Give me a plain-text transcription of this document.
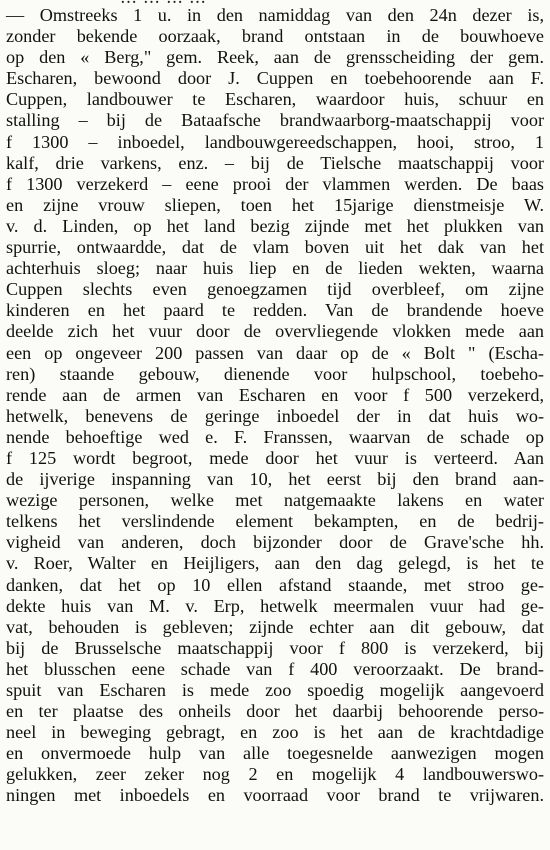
— Omstreeks 1 u. in den namiddag van den 24n dezer is,
zonder bekende oorzaak, brand ontstaan in de bouwhoeve
op den « Berg," gem. Reek, aan de grensscheiding der gem.
Escharen, bewoond door J. Cuppen en toebehoorende aan F.
Cuppen, landbouwer te Escharen, waardoor huis, schuur en
stalling – bij de Bataafsche brandwaarborg-maatschappij voor
f 1300 – inboedel, landbouwgereedschappen, hooi, stroo, 1
kalf, drie varkens, enz. – bij de Tielsche maatschappij voor
f 1300 verzekerd – eene prooi der vlammen werden. De baas
en zijne vrouw sliepen, toen het 15jarige dienstmeisje W.
v. d. Linden, op het land bezig zijnde met het plukken van
spurrie, ontwaardde, dat de vlam boven uit het dak van het
achterhuis sloeg; naar huis liep en de lieden wekten, waarna
Cuppen slechts even genoegzamen tijd overbleef, om zijne
kinderen en het paard te redden. Van de brandende hoeve
deelde zich het vuur door de overvliegende vlokken mede aan
een op ongeveer 200 passen van daar op de « Bolt " (Escha-
ren) staande gebouw, dienende voor hulpschool, toebeho-
rende aan de armen van Escharen en voor f 500 verzekerd,
hetwelk, benevens de geringe inboedel der in dat huis wo-
nende behoeftige wed e. F. Franssen, waarvan de schade op
f 125 wordt begroot, mede door het vuur is verteerd. Aan
de ijverige inspanning van 10, het eerst bij den brand aan-
wezige personen, welke met natgemaakte lakens en water
telkens het verslindende element bekampten, en de bedrij-
vigheid van anderen, doch bijzonder door de Grave'sche hh.
v. Roer, Walter en Heijligers, aan den dag gelegd, is het te
danken, dat het op 10 ellen afstand staande, met stroo ge-
dekte huis van M. v. Erp, hetwelk meermalen vuur had ge-
vat, behouden is gebleven; zijnde echter aan dit gebouw, dat
bij de Brusselsche maatschappij voor f 800 is verzekerd, bij
het blusschen eene schade van f 400 veroorzaakt. De brand-
spuit van Escharen is mede zoo spoedig mogelijk aangevoerd
en ter plaatse des onheils door het daarbij behoorende perso-
neel in beweging gebragt, en zoo is het aan de krachtdadige
en onvermoede hulp van alle toegesnelde aanwezigen mogen
gelukken, zeer zeker nog 2 en mogelijk 4 landbouwerswo-
ningen met inboedels en voorraad voor brand te vrijwaren.
